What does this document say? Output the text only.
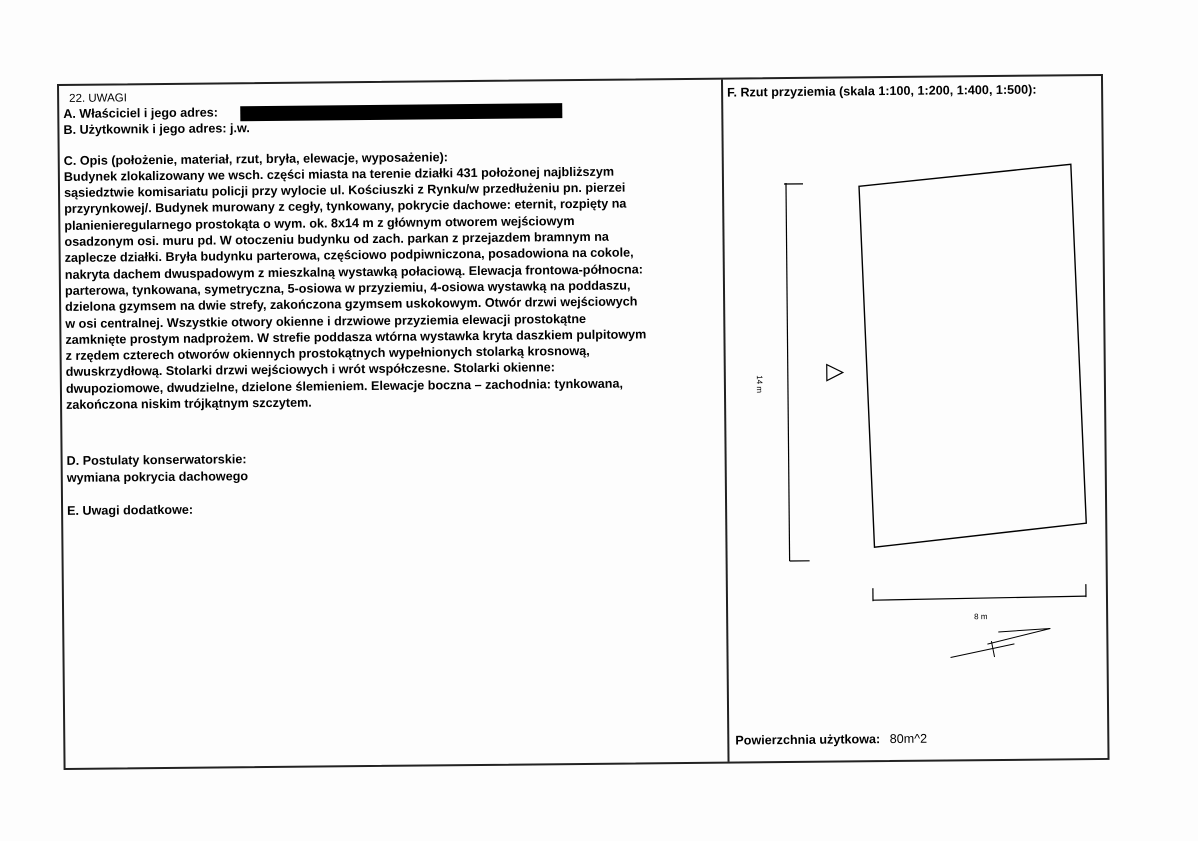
22. UWAGI
A. Właściciel i jego adres:
B. Użytkownik i jego adres: j.w.
C. Opis (położenie, materiał, rzut, bryła, elewacje, wyposażenie):
Budynek zlokalizowany we wsch. części miasta na terenie działki 431 położonej najbliższym
sąsiedztwie komisariatu policji przy wylocie ul. Kościuszki z Rynku/w przedłużeniu pn. pierzei
przyrynkowej/. Budynek murowany z cegły, tynkowany, pokrycie dachowe: eternit, rozpięty na
planienieregularnego prostokąta o wym. ok. 8x14 m z głównym otworem wejściowym
osadzonym osi. muru pd. W otoczeniu budynku od zach. parkan z przejazdem bramnym na
zaplecze działki. Bryła budynku parterowa, częściowo podpiwniczona, posadowiona na cokole,
nakryta dachem dwuspadowym z mieszkalną wystawką połaciową. Elewacja frontowa-północna:
parterowa, tynkowana, symetryczna, 5-osiowa w przyziemiu, 4-osiowa wystawką na poddaszu,
dzielona gzymsem na dwie strefy, zakończona gzymsem uskokowym. Otwór drzwi wejściowych
w osi centralnej. Wszystkie otwory okienne i drzwiowe przyziemia elewacji prostokątne
zamknięte prostym nadprożem. W strefie poddasza wtórna wystawka kryta daszkiem pulpitowym
z rzędem czterech otworów okiennych prostokątnych wypełnionych stolarką krosnową,
dwuskrzydłową. Stolarki drzwi wejściowych i wrót współczesne. Stolarki okienne:
dwupoziomowe, dwudzielne, dzielone ślemieniem. Elewacje boczna – zachodnia: tynkowana,
zakończona niskim trójkątnym szczytem.
D. Postulaty konserwatorskie:
wymiana pokrycia dachowego
E. Uwagi dodatkowe:
F. Rzut przyziemia (skala 1:100, 1:200, 1:400, 1:500):
14 m
8 m
Powierzchnia użytkowa: 80m^2
